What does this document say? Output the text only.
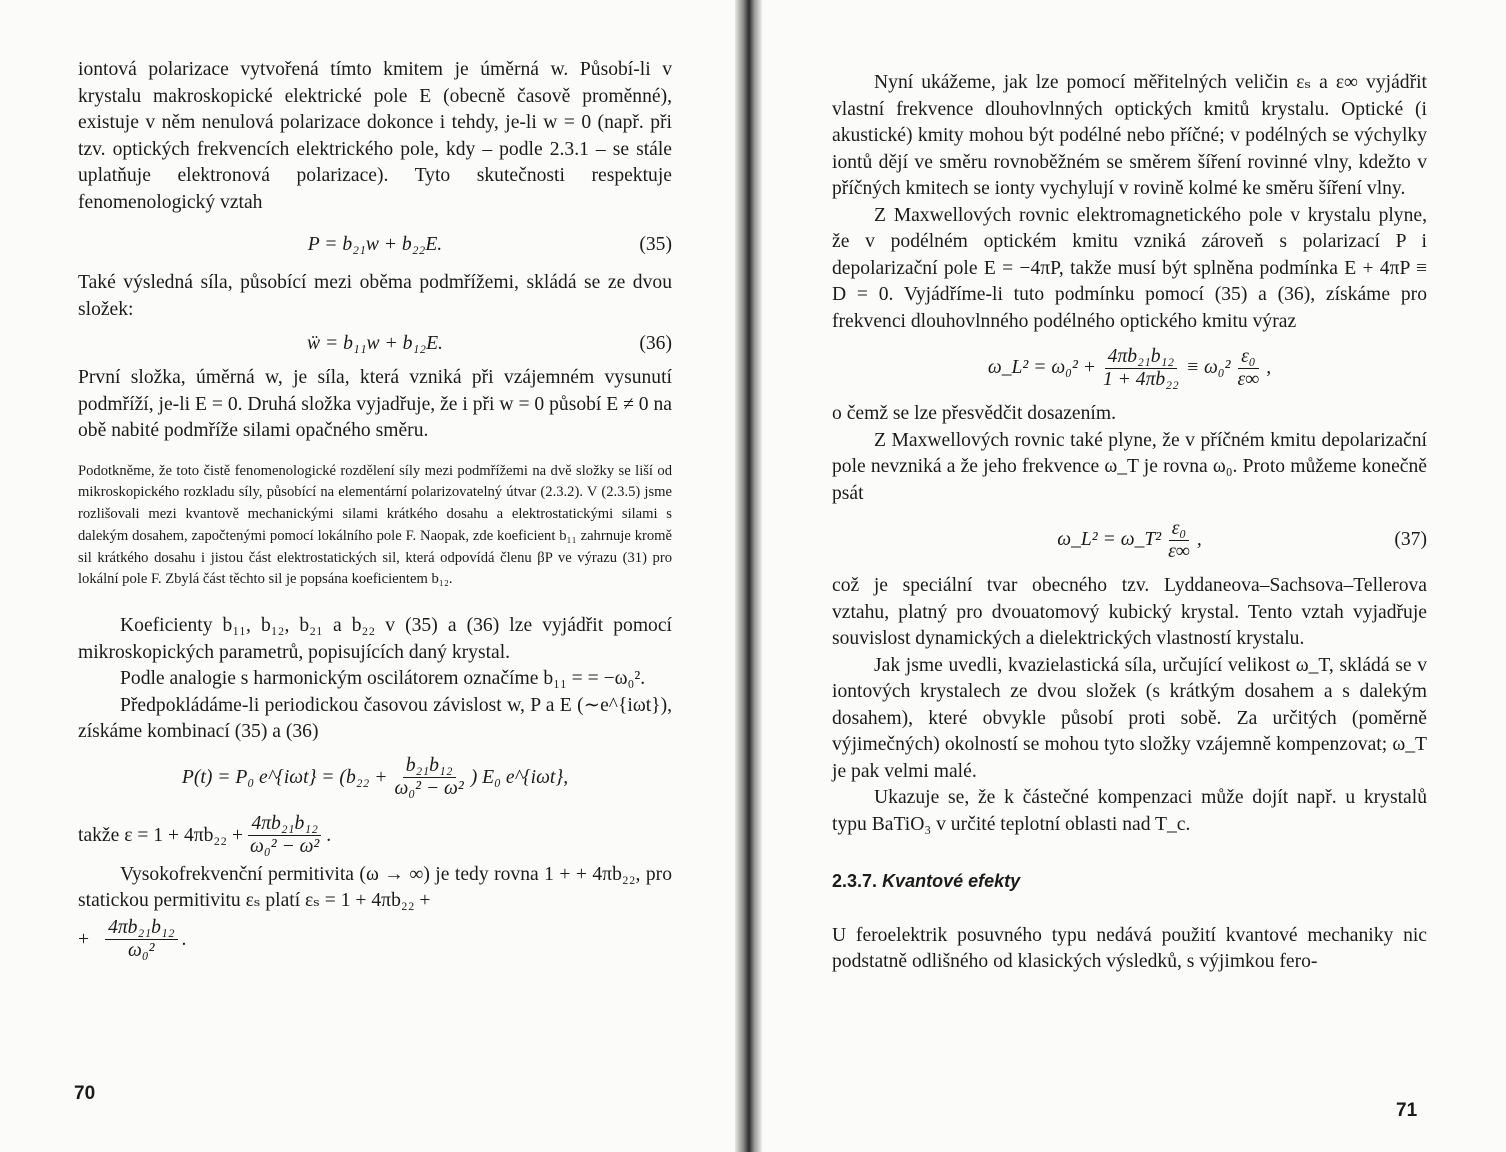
iontová polarizace vytvořená tímto kmitem je úměrná w. Působí-li v krystalu makroskopické elektrické pole E (obecně časově proměnné), existuje v něm nenulová polarizace dokonce i tehdy, je-li w = 0 (např. při tzv. optických frekvencích elektrického pole, kdy – podle 2.3.1 – se stále uplatňuje elektronová polarizace). Tyto skutečnosti respektuje fenomenologický vztah

P = b₂₁w + b₂₂E.	(35)

Také výsledná síla, působící mezi oběma podmřížemi, skládá se ze dvou složek:

ẅ = b₁₁w + b₁₂E.	(36)

První složka, úměrná w, je síla, která vzniká při vzájemném vysunutí podmříží, je-li E = 0. Druhá složka vyjadřuje, že i při w = 0 působí E ≠ 0 na obě nabité podmříže silami opačného směru.

Podotkněme, že toto čistě fenomenologické rozdělení síly mezi podmřížemi na dvě složky se liší od mikroskopického rozkladu síly, působící na elementární polarizovatelný útvar (2.3.2). V (2.3.5) jsme rozlišovali mezi kvantově mechanickými silami krátkého dosahu a elektrostatickými silami s dalekým dosahem, započtenými pomocí lokálního pole F. Naopak, zde koeficient b₁₁ zahrnuje kromě sil krátkého dosahu i jistou část elektrostatických sil, která odpovídá členu βP ve výrazu (31) pro lokální pole F. Zbylá část těchto sil je popsána koeficientem b₁₂.

Koeficienty b₁₁, b₁₂, b₂₁ a b₂₂ v (35) a (36) lze vyjádřit pomocí mikroskopických parametrů, popisujících daný krystal.

Podle analogie s harmonickým oscilátorem označíme b₁₁ = = −ω₀².

Předpokládáme-li periodickou časovou závislost w, P a E (∼e^{iωt}), získáme kombinací (35) a (36)

P(t) = P₀ e^{iωt} = ($b_{22} + \frac{\text{b₂₁b₁₂}}{\text{ω₀² − ω²}}$ ) E₀ e^{iωt},
takže $\varepsilon = 1 + 4\pi b_{22} + \frac{\text{4πb₂₁b₁₂}}{\text{ω₀² − ω²}}$ .

Vysokofrekvenční permitivita (ω → ∞) je tedy rovna 1 + + 4πb₂₂, pro statickou permitivitu εₛ platí εₛ = 1 + 4πb₂₂ +

+ $\frac{\text{4πb₂₁b₁₂}}{\text{ω₀²}}$ .
70

Nyní ukážeme, jak lze pomocí měřitelných veličin εₛ a ε∞ vyjádřit vlastní frekvence dlouhovlnných optických kmitů krystalu. Optické (i akustické) kmity mohou být podélné nebo příčné; v podélných se výchylky iontů dějí ve směru rovnoběžném se směrem šíření rovinné vlny, kdežto v příčných kmitech se ionty vychylují v rovině kolmé ke směru šíření vlny.

Z Maxwellových rovnic elektromagnetického pole v krystalu plyne, že v podélném optickém kmitu vzniká zároveň s polarizací P i depolarizační pole E = −4πP, takže musí být splněna podmínka E + 4πP ≡ D = 0. Vyjádříme-li tuto podmínku pomocí (35) a (36), získáme pro frekvenci dlouhovlnného podélného optického kmitu výraz

ω_L² = $\omega_0^2 + \frac{\text{4πb₂₁b₁₂}}{\text{1 + 4πb₂₂}} \equiv \omega_0^2 \frac{\text{ε₀}}{\varepsilon\infty}$ ,

o čemž se lze přesvědčit dosazením.

Z Maxwellových rovnic také plyne, že v příčném kmitu depolarizační pole nevzniká a že jeho frekvence ω_T je rovna ω₀. Proto můžeme konečně psát

ω_L² = ω_T² $\frac{\text{ε₀}}{\varepsilon\infty}$ ,	(37)

což je speciální tvar obecného tzv. Lyddaneova–Sachsova–Tellerova vztahu, platný pro dvouatomový kubický krystal. Tento vztah vyjadřuje souvislost dynamických a dielektrických vlastností krystalu.

Jak jsme uvedli, kvazielastická síla, určující velikost ω_T, skládá se v iontových krystalech ze dvou složek (s krátkým dosahem a s dalekým dosahem), které obvykle působí proti sobě. Za určitých (poměrně výjimečných) okolností se mohou tyto složky vzájemně kompenzovat; ω_T je pak velmi malé.

Ukazuje se, že k částečné kompenzaci může dojít např. u krystalů typu BaTiO₃ v určité teplotní oblasti nad T_c.

2.3.7. Kvantové efekty

U feroelektrik posuvného typu nedává použití kvantové mechaniky nic podstatně odlišného od klasických výsledků, s výjimkou fero-

71
